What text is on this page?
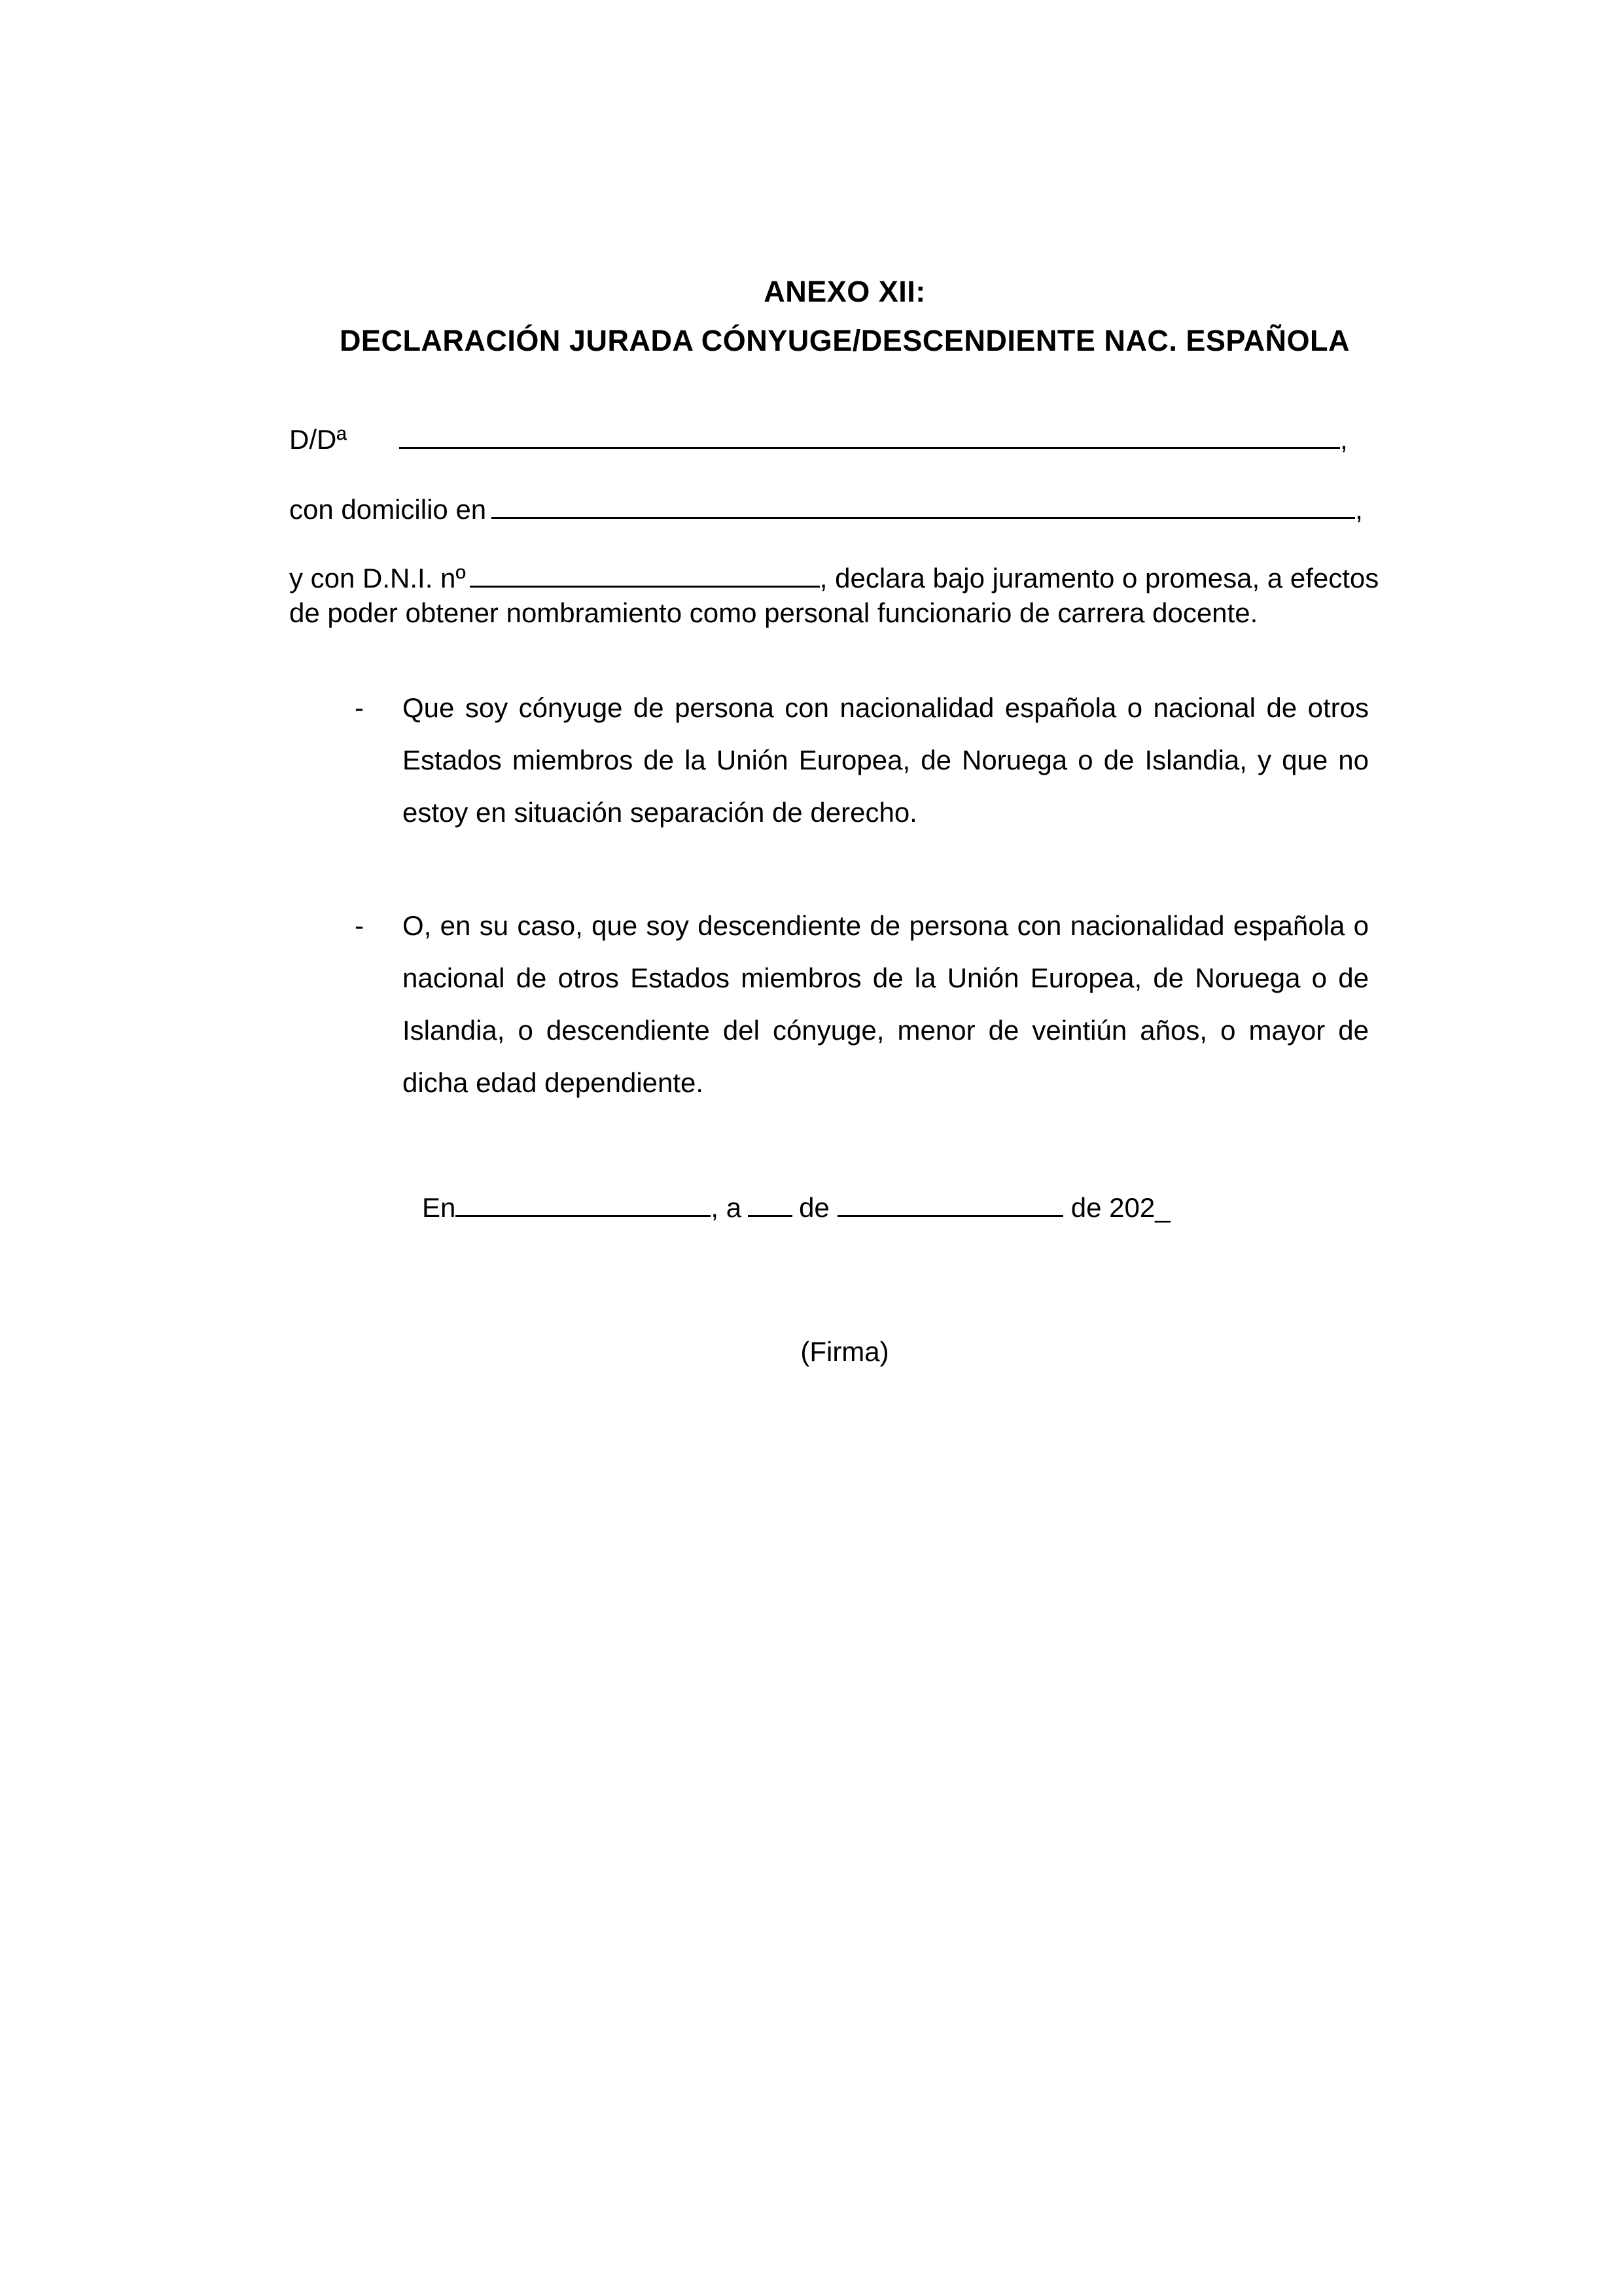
ANEXO XII:
DECLARACIÓN JURADA CÓNYUGE/DESCENDIENTE NAC. ESPAÑOLA
D/Dª	,
con domicilio en	,
y con D.N.I. nº	, declara bajo juramento o promesa, a efectos
de poder obtener nombramiento como personal funcionario de carrera docente.
- Que soy cónyuge de persona con nacionalidad española o nacional de otros Estados miembros de la Unión Europea, de Noruega o de Islandia, y que no estoy en situación separación de derecho.
- O, en su caso, que soy descendiente de persona con nacionalidad española o nacional de otros Estados miembros de la Unión Europea, de Noruega o de Islandia, o descendiente del cónyuge, menor de veintiún años, o mayor de dicha edad dependiente.
En	, a de	de 202_
(Firma)
